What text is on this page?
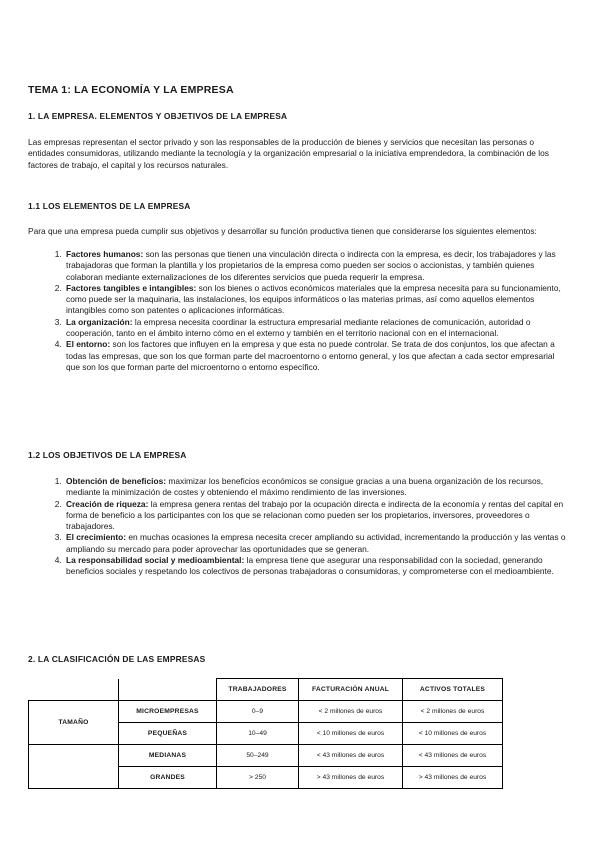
TEMA 1: LA ECONOMÍA Y LA EMPRESA
1. LA EMPRESA. ELEMENTOS Y OBJETIVOS DE LA EMPRESA
Las empresas representan el sector privado y son las responsables de la producción de bienes y servicios que necesitan las personas o entidades consumidoras, utilizando mediante la tecnología y la organización empresarial o la iniciativa emprendedora, la combinación de los factores de trabajo, el capital y los recursos naturales.
1.1 LOS ELEMENTOS DE LA EMPRESA
Para que una empresa pueda cumplir sus objetivos y desarrollar su función productiva tienen que considerarse los siguientes elementos:
1. Factores humanos: son las personas que tienen una vinculación directa o indirecta con la empresa, es decir, los trabajadores y las trabajadoras que forman la plantilla y los propietarios de la empresa como pueden ser socios o accionistas, y también quienes colaboran mediante externalizaciones de los diferentes servicios que pueda requerir la empresa.
2. Factores tangibles e intangibles: son los bienes o activos económicos materiales que la empresa necesita para su funcionamiento, como puede ser la maquinaria, las instalaciones, los equipos informáticos o las materias primas, así como aquellos elementos intangibles como son patentes o aplicaciones informáticas.
3. La organización: la empresa necesita coordinar la estructura empresarial mediante relaciones de comunicación, autoridad o cooperación, tanto en el ámbito interno cómo en el externo y también en el territorio nacional con en el internacional.
4. El entorno: son los factores que influyen en la empresa y que esta no puede controlar. Se trata de dos conjuntos, los que afectan a todas las empresas, que son los que forman parte del macroentorno o entorno general, y los que afectan a cada sector empresarial que son los que forman parte del microentorno o entorno específico.
1.2 LOS OBJETIVOS DE LA EMPRESA
1. Obtención de beneficios: maximizar los beneficios económicos se consigue gracias a una buena organización de los recursos, mediante la minimización de costes y obteniendo el máximo rendimiento de las inversiones.
2. Creación de riqueza: la empresa genera rentas del trabajo por la ocupación directa e indirecta de la economía y rentas del capital en forma de beneficio a los participantes con los que se relacionan como pueden ser los propietarios, inversores, proveedores o trabajadores.
3. El crecimiento: en muchas ocasiones la empresa necesita crecer ampliando su actividad, incrementando la producción y las ventas o ampliando su mercado para poder aprovechar las oportunidades que se generan.
4. La responsabilidad social y medioambiental: la empresa tiene que asegurar una responsabilidad con la sociedad, generando beneficios sociales y respetando los colectivos de personas trabajadoras o consumidoras, y comprometerse con el medioambiente.
2. LA CLASIFICACIÓN DE LAS EMPRESAS
		TRABAJADORES	FACTURACIÓN ANUAL	ACTIVOS TOTALES
TAMAÑO	MICROEMPRESAS	0–9	< 2 millones de euros	< 2 millones de euros
	PEQUEÑAS	10–49	< 10 millones de euros	< 10 millones de euros
	MEDIANAS	50–249	< 43 millones de euros	< 43 millones de euros
	GRANDES	> 250	> 43 millones de euros	> 43 millones de euros
